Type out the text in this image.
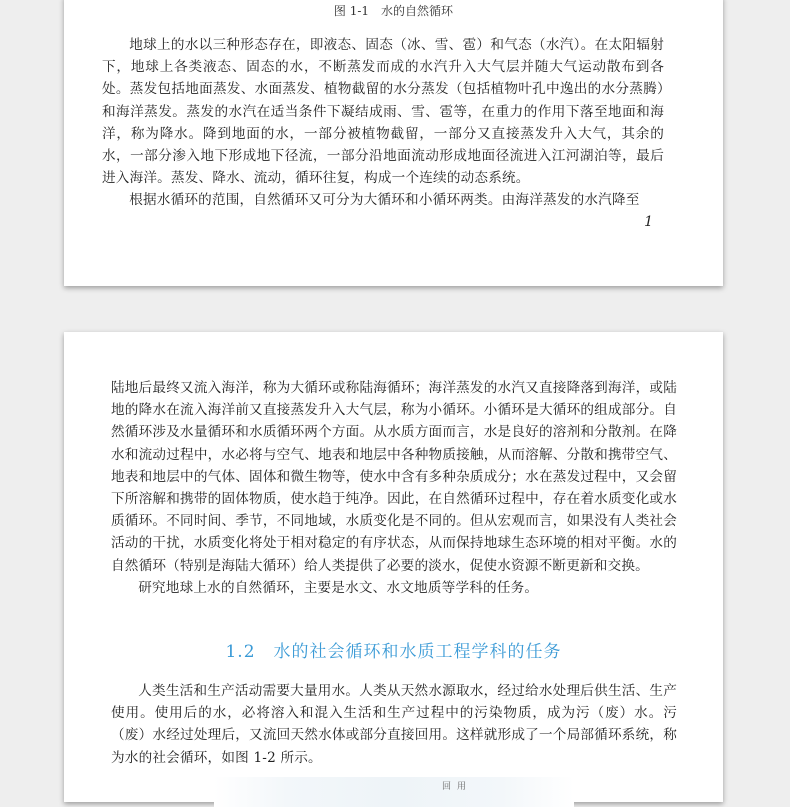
图 1-1　水的自然循环

地球上的水以三种形态存在，即液态、固态（冰、雪、雹）和气态（水汽）。在太阳辐射下，地球上各类液态、固态的水，不断蒸发而成的水汽升入大气层并随大气运动散布到各处。蒸发包括地面蒸发、水面蒸发、植物截留的水分蒸发（包括植物叶孔中逸出的水分蒸腾）和海洋蒸发。蒸发的水汽在适当条件下凝结成雨、雪、雹等，在重力的作用下落至地面和海洋，称为降水。降到地面的水，一部分被植物截留，一部分又直接蒸发升入大气，其余的水，一部分渗入地下形成地下径流，一部分沿地面流动形成地面径流进入江河湖泊等，最后进入海洋。蒸发、降水、流动，循环往复，构成一个连续的动态系统。

根据水循环的范围，自然循环又可分为大循环和小循环两类。由海洋蒸发的水汽降至

1

陆地后最终又流入海洋，称为大循环或称陆海循环；海洋蒸发的水汽又直接降落到海洋，或陆地的降水在流入海洋前又直接蒸发升入大气层，称为小循环。小循环是大循环的组成部分。自然循环涉及水量循环和水质循环两个方面。从水质方面而言，水是良好的溶剂和分散剂。在降水和流动过程中，水必将与空气、地表和地层中各种物质接触，从而溶解、分散和携带空气、地表和地层中的气体、固体和微生物等，使水中含有多种杂质成分；水在蒸发过程中，又会留下所溶解和携带的固体物质，使水趋于纯净。因此，在自然循环过程中，存在着水质变化或水质循环。不同时间、季节，不同地域，水质变化是不同的。但从宏观而言，如果没有人类社会活动的干扰，水质变化将处于相对稳定的有序状态，从而保持地球生态环境的相对平衡。水的自然循环（特别是海陆大循环）给人类提供了必要的淡水，促使水资源不断更新和交换。

研究地球上水的自然循环，主要是水文、水文地质等学科的任务。

1.2 水的社会循环和水质工程学科的任务

人类生活和生产活动需要大量用水。人类从天然水源取水，经过给水处理后供生活、生产使用。使用后的水，必将溶入和混入生活和生产过程中的污染物质，成为污（废）水。污（废）水经过处理后，又流回天然水体或部分直接回用。这样就形成了一个局部循环系统，称为水的社会循环，如图 1-2 所示。

回用
